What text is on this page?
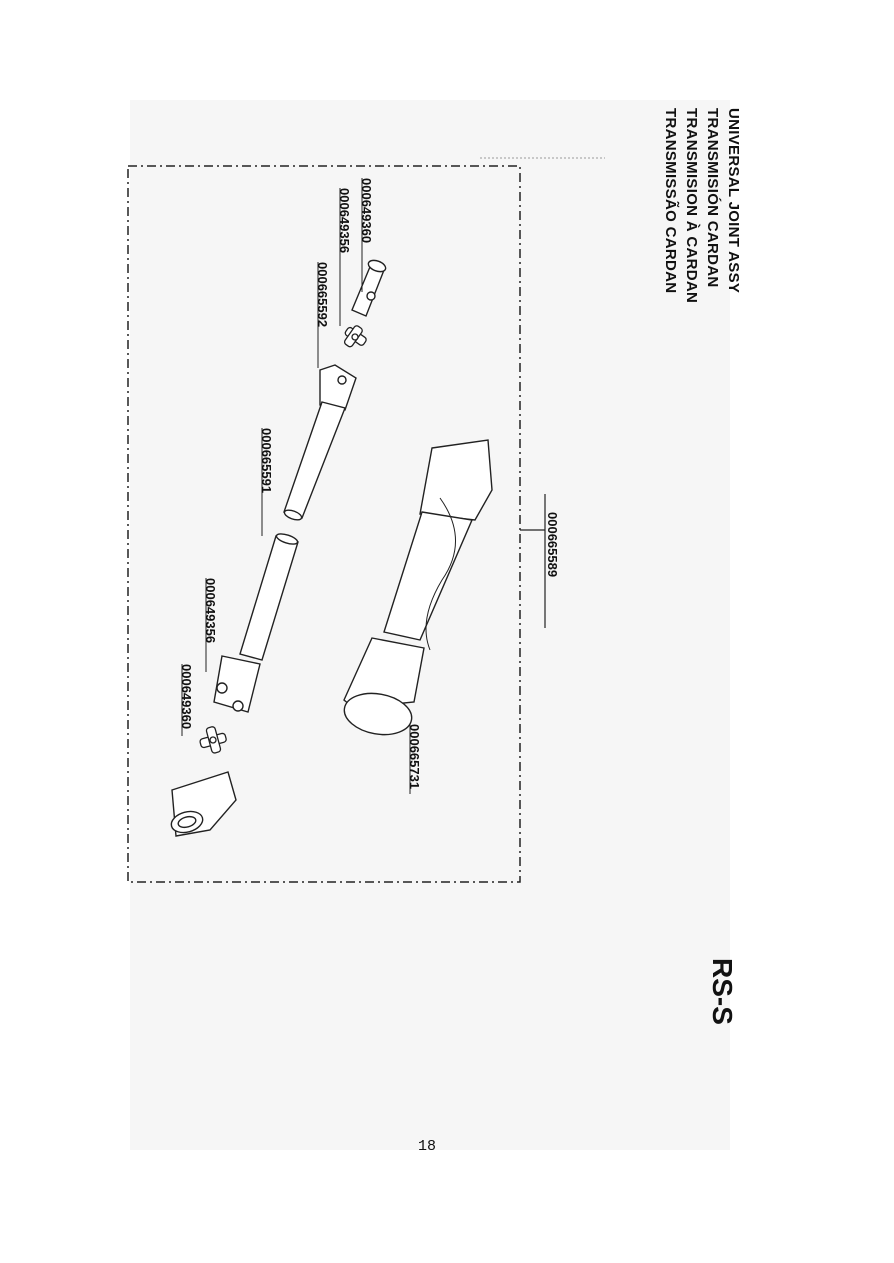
UNIVERSAL JOINT ASSY
TRANSMISIÓN CARDAN
TRANSMISION À CARDAN
TRANSMISSÃO CARDAN
RS-S
18
000649360
000649356
000665592
000665591
000649356
000649360
000665731
000665589
